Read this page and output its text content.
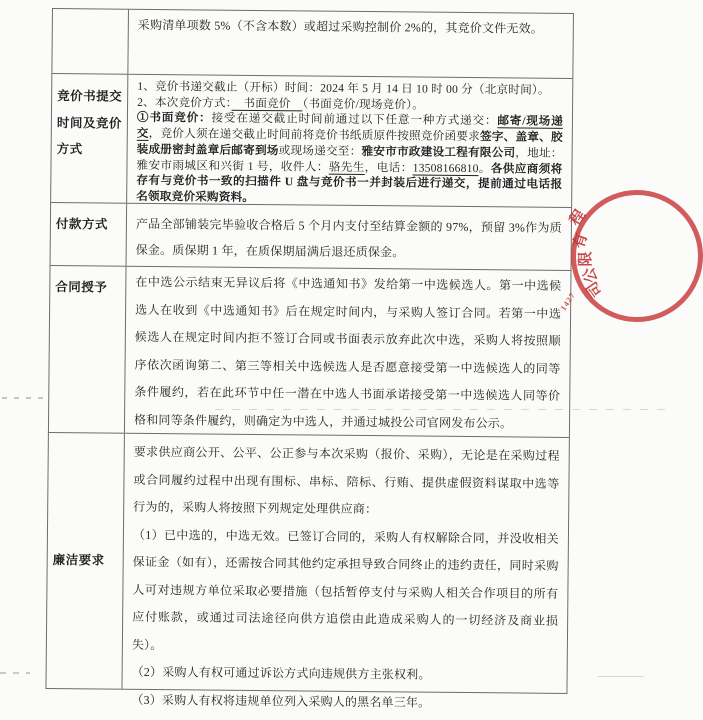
采购清单项数 5%（不含本数）或超过采购控制价 2%的，其竞价文件无效。
竞价书提交时间及竞价方式
1、竞价书递交截止（开标）时间：2024 年 5 月 14 日 10 时 00 分（北京时间）。
2、本次竞价方式：　书面竞价　（书面竞价/现场竞价）。
①书面竞价：接受在递交截止时间前通过以下任意一种方式递交：邮寄/现场递交，竞价人须在递交截止时间前将竞价书纸质原件按照竞价函要求签字、盖章、胶装成册密封盖章后邮寄到场或现场递交至：雅安市市政建设工程有限公司，地址：雅安市雨城区和兴街 1 号，收件人：骆先生，电话：13508166810。各供应商须将存有与竞价书一致的扫描件 U 盘与竞价书一并封装后进行递交，提前通过电话报名领取竞价采购资料。
付款方式	产品全部铺装完毕验收合格后 5 个月内支付至结算金额的 97%，预留 3%作为质保金。质保期 1 年，在质保期届满后退还质保金。
合同授予	在中选公示结束无异议后将《中选通知书》发给第一中选候选人。第一中选候选人在收到《中选通知书》后在规定时间内，与采购人签订合同。若第一中选候选人在规定时间内拒不签订合同或书面表示放弃此次中选，采购人将按照顺序依次函询第二、第三等相关中选候选人是否愿意接受第一中选候选人的同等条件履约，若在此环节中任一潜在中选人书面承诺接受第一中选候选人同等价格和同等条件履约，则确定为中选人，并通过城投公司官网发布公示。
廉洁要求
要求供应商公开、公平、公正参与本次采购（报价、采购），无论是在采购过程或合同履约过程中出现有围标、串标、陪标、行贿、提供虚假资料谋取中选等行为的，采购人将按照下列规定处理供应商：
（1）已中选的，中选无效。已签订合同的，采购人有权解除合同，并没收相关保证金（如有），还需按合同其他约定承担导致合同终止的违约责任，同时采购人可对违规方单位采取必要措施（包括暂停支付与采购人相关合作项目的所有应付账款，或通过司法途径向供方追偿由此造成采购人的一切经济及商业损失）。
（2）采购人有权可通过诉讼方式向违规供方主张权利。
（3）采购人有权将违规单位列入采购人的黑名单三年。
程
有
限
公
司
1427
